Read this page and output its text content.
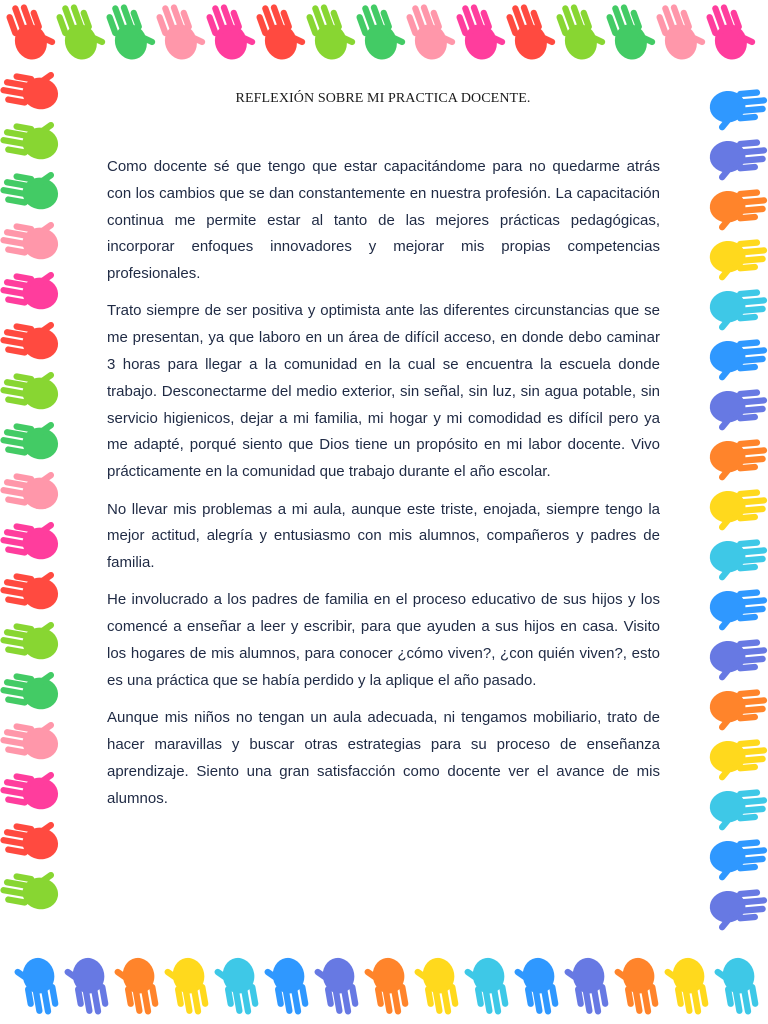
REFLEXIÓN SOBRE MI PRACTICA DOCENTE.

Como docente sé que tengo que estar capacitándome para no quedarme atrás con los cambios que se dan constantemente en nuestra profesión. La capacitación continua me permite estar al tanto de las mejores prácticas pedagógicas, incorporar enfoques innovadores y mejorar mis propias competencias profesionales.

Trato siempre de ser positiva y optimista ante las diferentes circunstancias que se me presentan, ya que laboro en un área de difícil acceso, en donde debo caminar 3 horas para llegar a la comunidad en la cual se encuentra la escuela donde trabajo. Desconectarme del medio exterior, sin señal, sin luz, sin agua potable, sin servicio higienicos, dejar a mi familia, mi hogar y mi comodidad es difícil pero ya me adapté, porqué siento que Dios tiene un propósito en mi labor docente. Vivo prácticamente en la comunidad que trabajo durante el año escolar.

No llevar mis problemas a mi aula, aunque este triste, enojada, siempre tengo la mejor actitud, alegría y entusiasmo con mis alumnos, compañeros y padres de familia.

He involucrado a los padres de familia en el proceso educativo de sus hijos y los comencé a enseñar a leer y escribir, para que ayuden a sus hijos en casa. Visito los hogares de mis alumnos, para conocer ¿cómo viven?, ¿con quién viven?, esto es una práctica que se había perdido y la aplique el año pasado.

Aunque mis niños no tengan un aula adecuada, ni tengamos mobiliario, trato de hacer maravillas y buscar otras estrategias para su proceso de enseñanza aprendizaje. Siento una gran satisfacción como docente ver el avance de mis alumnos.
